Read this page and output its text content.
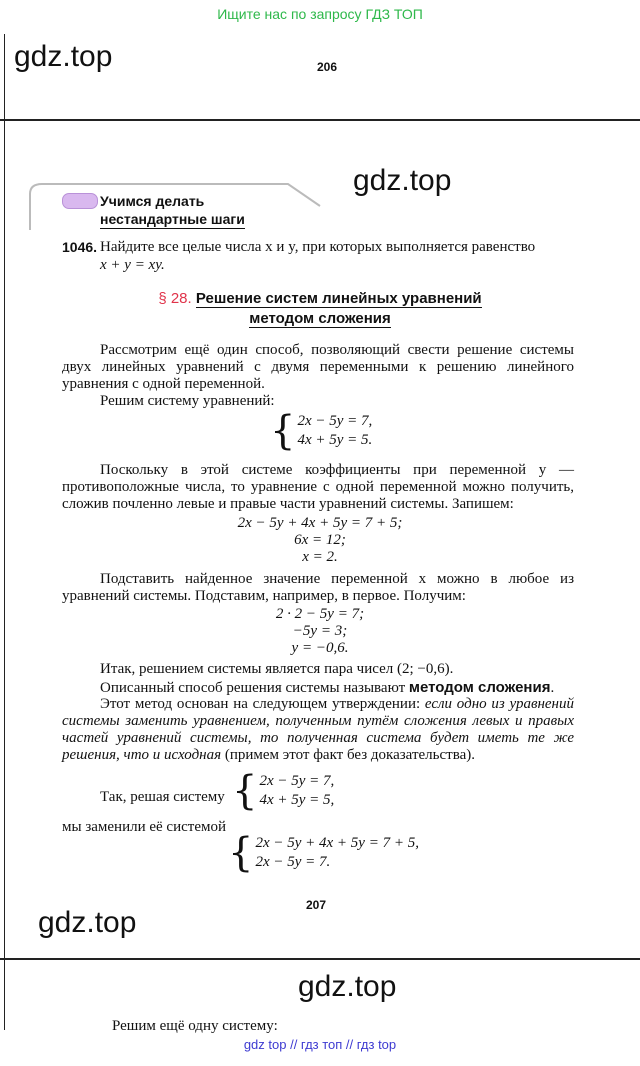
Ищите нас по запросу ГДЗ ТОП
gdz.top	206
Учимся делать
нестандартные шаги
gdz.top
1046. Найдите все целые числа x и y, при которых выполняется равенство
x + y = xy.
§ 28. Решение систем линейных уравнений
методом сложения
Рассмотрим ещё один способ, позволяющий свести решение системы двух линейных уравнений с двумя переменными к решению линейного уравнения с одной переменной.
Решим систему уравнений:
{ 2x − 5y = 7,
4x + 5y = 5.
Поскольку в этой системе коэффициенты при переменной y — противоположные числа, то уравнение с одной переменной можно получить, сложив почленно левые и правые части уравнений системы. Запишем:
2x − 5y + 4x + 5y = 7 + 5;
6x = 12;
x = 2.
Подставить найденное значение переменной x можно в любое из уравнений системы. Подставим, например, в первое. Получим:
2 · 2 − 5y = 7;
−5y = 3;
y = −0,6.
Итак, решением системы является пара чисел (2; −0,6).
Описанный способ решения системы называют методом сложения.
Этот метод основан на следующем утверждении: если одно из уравнений системы заменить уравнением, полученным путём сложения левых и правых частей уравнений системы, то полученная система будет иметь те же решения, что и исходная (примем этот факт без доказательства).
Так, решая систему { 2x − 5y = 7,
4x + 5y = 5,
мы заменили её системой
{ 2x − 5y + 4x + 5y = 7 + 5,
2x − 5y = 7.
207
gdz.top
gdz.top
Решим ещё одну систему:
gdz top // гдз топ // гдз top
